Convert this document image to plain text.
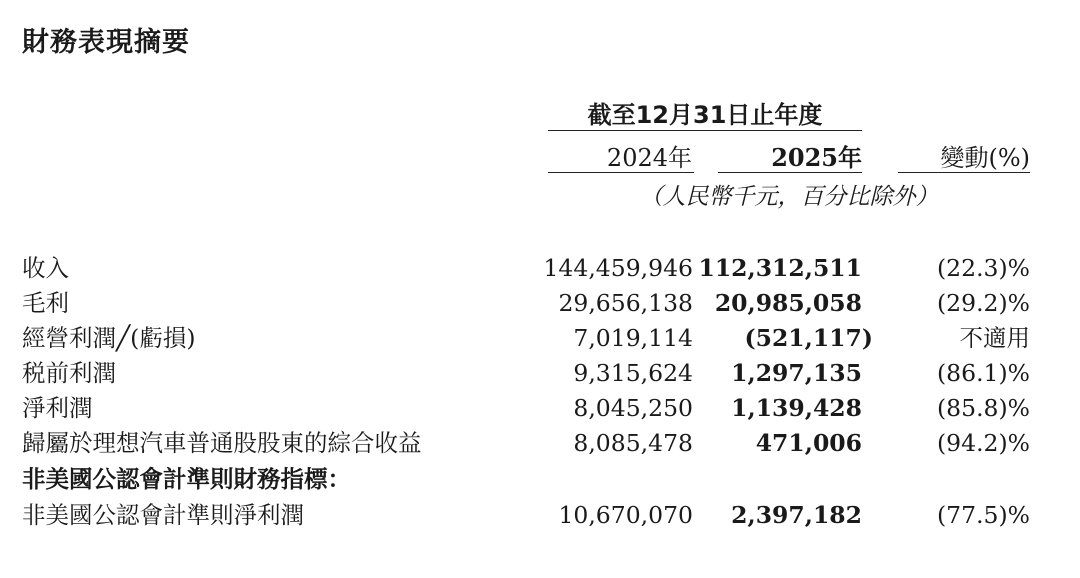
財務表現摘要
截至12月31日止年度
2024年	2025年	變動(%)
（人民幣千元，百分比除外）
收入	144,459,946 112,312,511	(22.3)%
毛利	29,656,138 20,985,058	(29.2)%
經營利潤╱(虧損)	7,019,114 (521,117)	不適用
税前利潤	9,315,624 1,297,135	(86.1)%
淨利潤	8,045,250 1,139,428	(85.8)%
歸屬於理想汽車普通股股東的綜合收益	8,085,478	471,006	(94.2)%
非美國公認會計準則財務指標：
非美國公認會計準則淨利潤	10,670,070 2,397,182	(77.5)%
